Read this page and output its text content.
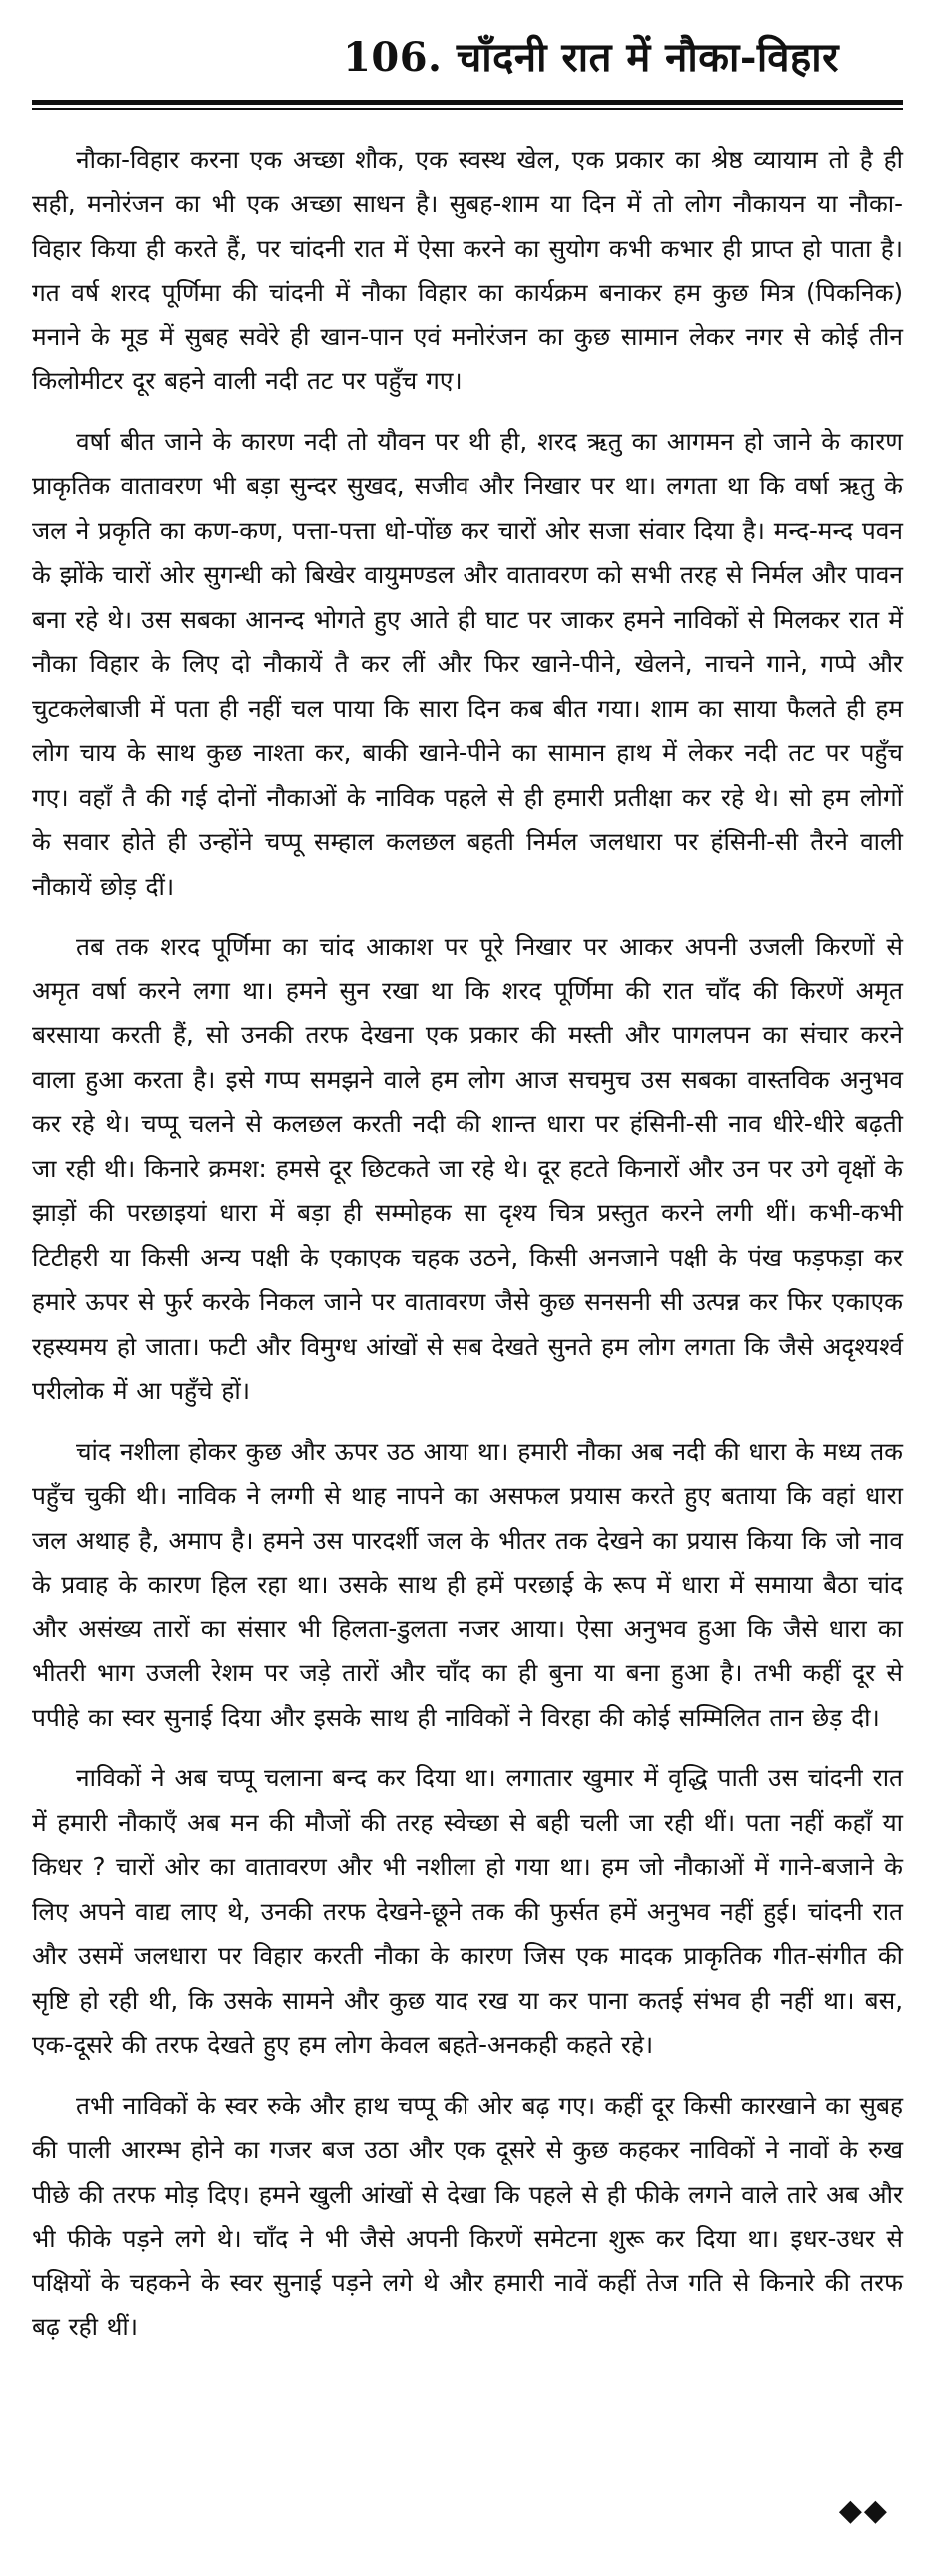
106. चाँदनी रात में नौका-विहार

नौका-विहार करना एक अच्छा शौक, एक स्वस्थ खेल, एक प्रकार का श्रेष्ठ व्यायाम तो है ही सही, मनोरंजन का भी एक अच्छा साधन है। सुबह-शाम या दिन में तो लोग नौकायन या नौका-विहार किया ही करते हैं, पर चांदनी रात में ऐसा करने का सुयोग कभी कभार ही प्राप्त हो पाता है। गत वर्ष शरद पूर्णिमा की चांदनी में नौका विहार का कार्यक्रम बनाकर हम कुछ मित्र (पिकनिक) मनाने के मूड में सुबह सवेरे ही खान-पान एवं मनोरंजन का कुछ सामान लेकर नगर से कोई तीन किलोमीटर दूर बहने वाली नदी तट पर पहुँच गए।

वर्षा बीत जाने के कारण नदी तो यौवन पर थी ही, शरद ऋतु का आगमन हो जाने के कारण प्राकृतिक वातावरण भी बड़ा सुन्दर सुखद, सजीव और निखार पर था। लगता था कि वर्षा ऋतु के जल ने प्रकृति का कण-कण, पत्ता-पत्ता धो-पोंछ कर चारों ओर सजा संवार दिया है। मन्द-मन्द पवन के झोंके चारों ओर सुगन्धी को बिखेर वायुमण्डल और वातावरण को सभी तरह से निर्मल और पावन बना रहे थे। उस सबका आनन्द भोगते हुए आते ही घाट पर जाकर हमने नाविकों से मिलकर रात में नौका विहार के लिए दो नौकायें तै कर लीं और फिर खाने-पीने, खेलने, नाचने गाने, गप्पे और चुटकलेबाजी में पता ही नहीं चल पाया कि सारा दिन कब बीत गया। शाम का साया फैलते ही हम लोग चाय के साथ कुछ नाश्ता कर, बाकी खाने-पीने का सामान हाथ में लेकर नदी तट पर पहुँच गए। वहाँ तै की गई दोनों नौकाओं के नाविक पहले से ही हमारी प्रतीक्षा कर रहे थे। सो हम लोगों के सवार होते ही उन्होंने चप्पू सम्हाल कलछल बहती निर्मल जलधारा पर हंसिनी-सी तैरने वाली नौकायें छोड़ दीं।

तब तक शरद पूर्णिमा का चांद आकाश पर पूरे निखार पर आकर अपनी उजली किरणों से अमृत वर्षा करने लगा था। हमने सुन रखा था कि शरद पूर्णिमा की रात चाँद की किरणें अमृत बरसाया करती हैं, सो उनकी तरफ देखना एक प्रकार की मस्ती और पागलपन का संचार करने वाला हुआ करता है। इसे गप्प समझने वाले हम लोग आज सचमुच उस सबका वास्तविक अनुभव कर रहे थे। चप्पू चलने से कलछल करती नदी की शान्त धारा पर हंसिनी-सी नाव धीरे-धीरे बढ़ती जा रही थी। किनारे क्रमश: हमसे दूर छिटकते जा रहे थे। दूर हटते किनारों और उन पर उगे वृक्षों के झाड़ों की परछाइयां धारा में बड़ा ही सम्मोहक सा दृश्य चित्र प्रस्तुत करने लगी थीं। कभी-कभी टिटीहरी या किसी अन्य पक्षी के एकाएक चहक उठने, किसी अनजाने पक्षी के पंख फड़फड़ा कर हमारे ऊपर से फुर्र करके निकल जाने पर वातावरण जैसे कुछ सनसनी सी उत्पन्न कर फिर एकाएक रहस्यमय हो जाता। फटी और विमुग्ध आंखों से सब देखते सुनते हम लोग लगता कि जैसे अदृश्यर्श्व परीलोक में आ पहुँचे हों।

चांद नशीला होकर कुछ और ऊपर उठ आया था। हमारी नौका अब नदी की धारा के मध्य तक पहुँच चुकी थी। नाविक ने लग्गी से थाह नापने का असफल प्रयास करते हुए बताया कि वहां धारा जल अथाह है, अमाप है। हमने उस पारदर्शी जल के भीतर तक देखने का प्रयास किया कि जो नाव के प्रवाह के कारण हिल रहा था। उसके साथ ही हमें परछाई के रूप में धारा में समाया बैठा चांद और असंख्य तारों का संसार भी हिलता-डुलता नजर आया। ऐसा अनुभव हुआ कि जैसे धारा का भीतरी भाग उजली रेशम पर जड़े तारों और चाँद का ही बुना या बना हुआ है। तभी कहीं दूर से पपीहे का स्वर सुनाई दिया और इसके साथ ही नाविकों ने विरहा की कोई सम्मिलित तान छेड़ दी।

नाविकों ने अब चप्पू चलाना बन्द कर दिया था। लगातार खुमार में वृद्धि पाती उस चांदनी रात में हमारी नौकाएँ अब मन की मौजों की तरह स्वेच्छा से बही चली जा रही थीं। पता नहीं कहाँ या किधर ? चारों ओर का वातावरण और भी नशीला हो गया था। हम जो नौकाओं में गाने-बजाने के लिए अपने वाद्य लाए थे, उनकी तरफ देखने-छूने तक की फुर्सत हमें अनुभव नहीं हुई। चांदनी रात और उसमें जलधारा पर विहार करती नौका के कारण जिस एक मादक प्राकृतिक गीत-संगीत की सृष्टि हो रही थी, कि उसके सामने और कुछ याद रख या कर पाना कतई संभव ही नहीं था। बस, एक-दूसरे की तरफ देखते हुए हम लोग केवल बहते-अनकही कहते रहे।

तभी नाविकों के स्वर रुके और हाथ चप्पू की ओर बढ़ गए। कहीं दूर किसी कारखाने का सुबह की पाली आरम्भ होने का गजर बज उठा और एक दूसरे से कुछ कहकर नाविकों ने नावों के रुख पीछे की तरफ मोड़ दिए। हमने खुली आंखों से देखा कि पहले से ही फीके लगने वाले तारे अब और भी फीके पड़ने लगे थे। चाँद ने भी जैसे अपनी किरणें समेटना शुरू कर दिया था। इधर-उधर से पक्षियों के चहकने के स्वर सुनाई पड़ने लगे थे और हमारी नावें कहीं तेज गति से किनारे की तरफ बढ़ रही थीं।

◆◆
